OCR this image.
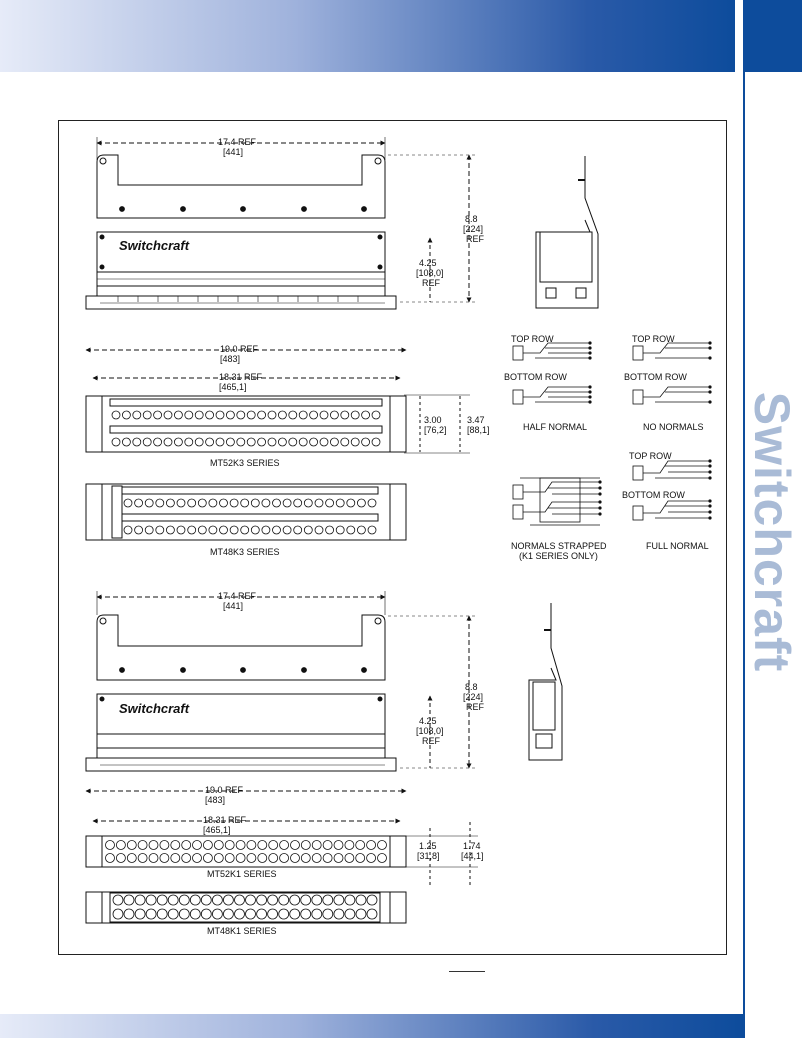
Switchcraft
17.4 REF
[441]
Switchcraft
8.8
[224]
REF
4.25
[108,0]
REF
19.0 REF
[483]
18.31 REF
[465,1]
3.00
[76,2]
3.47
[88,1]
MT52K3 SERIES
MT48K3 SERIES
TOP ROW
BOTTOM ROW
HALF NORMAL
TOP ROW
BOTTOM ROW
NO NORMALS
NORMALS STRAPPED
(K1 SERIES ONLY)
TOP ROW
BOTTOM ROW
FULL NORMAL
17.4 REF
[441]
Switchcraft
8.8
[224]
REF
4.25
[108,0]
REF
19.0 REF
[483]
18.31 REF
[465,1]
1.25
[31,8]
1.74
[44,1]
MT52K1 SERIES
MT48K1 SERIES
